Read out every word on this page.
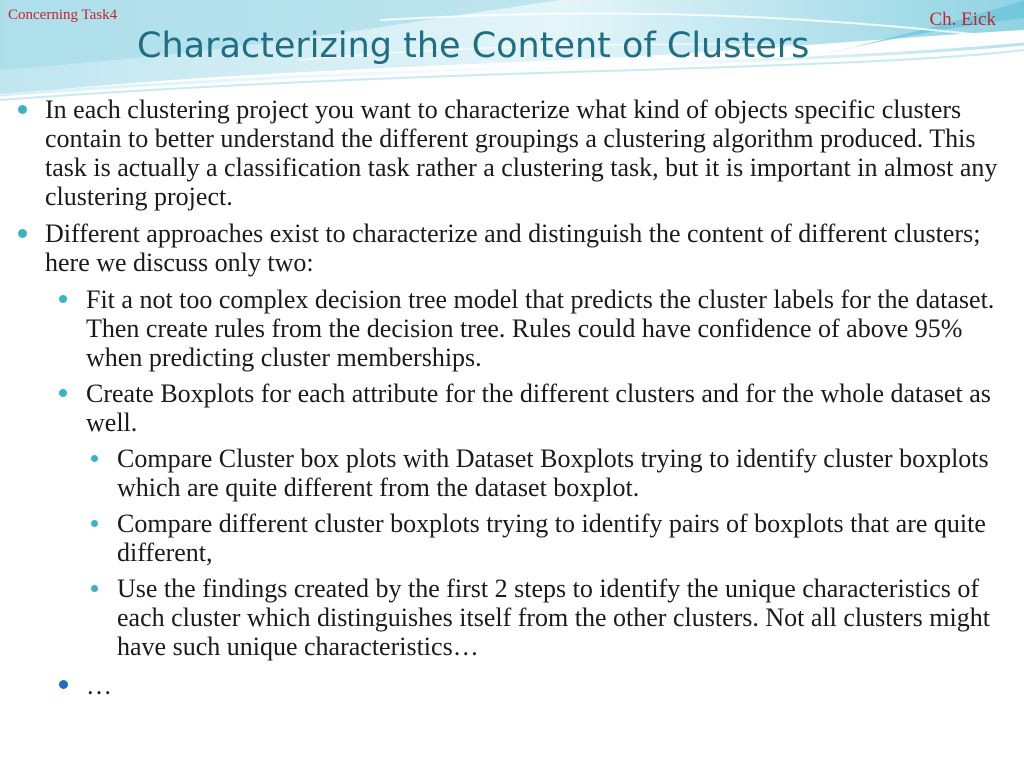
Concerning Task4	Ch. Eick
Characterizing the Content of Clusters
In each clustering project you want to characterize what kind of objects specific clusters contain to better understand the different groupings a clustering algorithm produced. This task is actually a classification task rather a clustering task, but it is important in almost any clustering project.
Different approaches exist to characterize and distinguish the content of different clusters; here we discuss only two:
Fit a not too complex decision tree model that predicts the cluster labels for the dataset. Then create rules from the decision tree. Rules could have confidence of above 95% when predicting cluster memberships.
Create Boxplots for each attribute for the different clusters and for the whole dataset as well.
Compare Cluster box plots with Dataset Boxplots trying to identify cluster boxplots which are quite different from the dataset boxplot.
Compare different cluster boxplots trying to identify pairs of boxplots that are quite different,
Use the findings created by the first 2 steps to identify the unique characteristics of each cluster which distinguishes itself from the other clusters. Not all clusters might have such unique characteristics…
…
